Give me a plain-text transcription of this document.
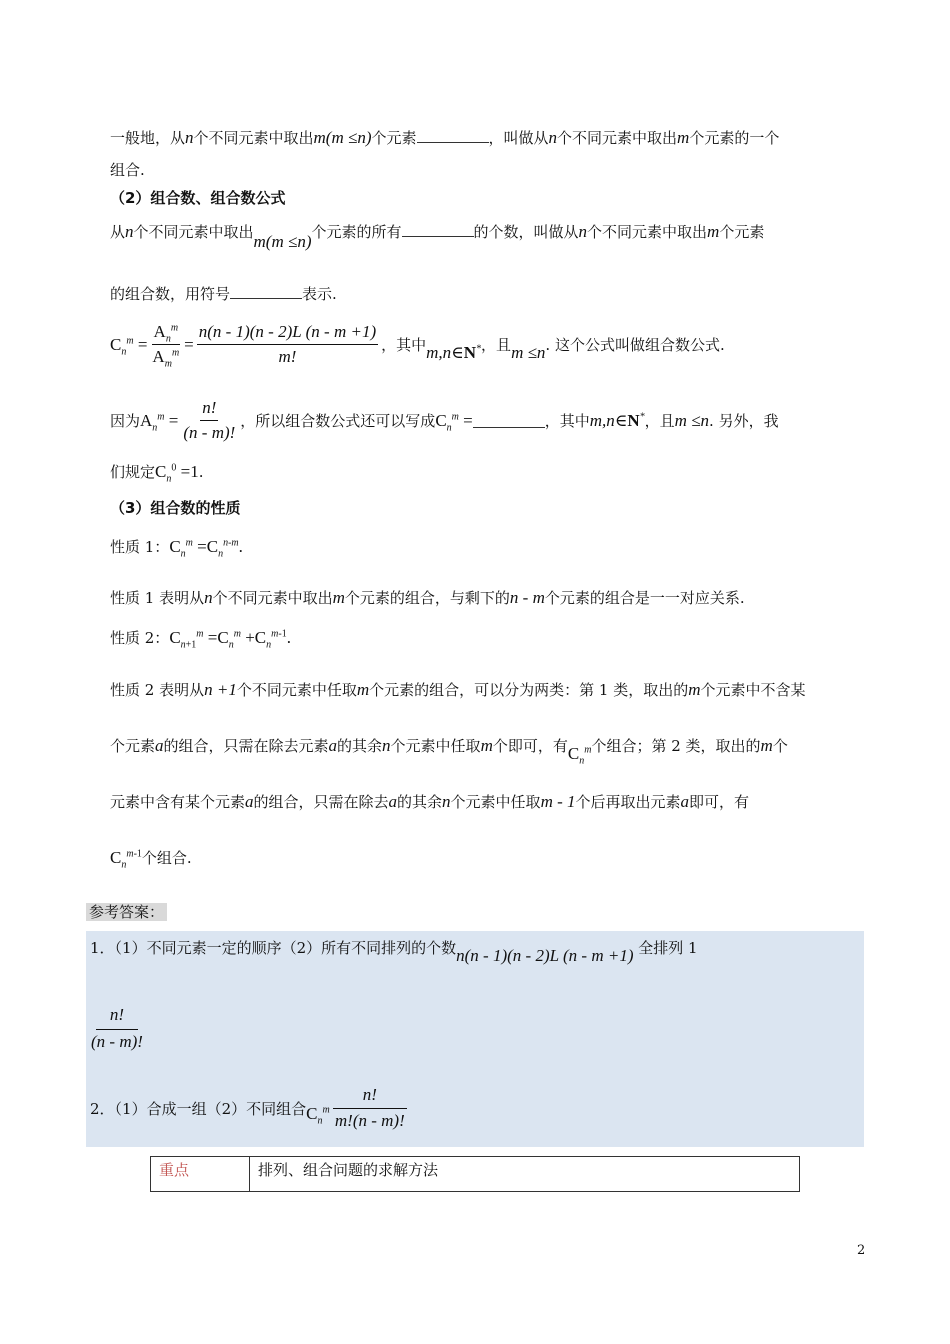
一般地，从n个不同元素中取出m(m ≤n)个元素	，叫做从n个不同元素中取出m个元素的一个
组合.
（2）组合数、组合数公式
从n个不同元素中取出m(m ≤n)个元素的所有	的个数，叫做从n个不同元素中取出m个元素
的组合数，用符号	表示.
$C_n^m = \frac{A_n^m}{A_m^m} = \frac{n(n - 1)(n - 2)L (n - m +1)}{m!}$ ，其中 m,n∈N* ，且 m ≤n . 这个公式叫做组合数公式.
因为 $A_n^m = \frac{n!}{(n - m)!}$ ，所以组合数公式还可以写成 $C_n^m$ =	，其中 m,n∈N* ，且 m ≤n . 另外，我
们规定$C_n^0 =1$.
（3）组合数的性质
性质 1：$C_n^m =C_n^{n-m}$.
性质 1 表明从n个不同元素中取出m个元素的组合，与剩下的n - m个元素的组合是一一对应关系.
性质 2：$C_{n+1}^m =C_n^m +C_n^{m-1}$.
性质 2 表明从n +1个不同元素中任取m个元素的组合，可以分为两类：第 1 类，取出的m个元素中不含某
个元素a的组合，只需在除去元素a的其余n个元素中任取m个即可，有$C_n^m$个组合；第 2 类，取出的m个
元素中含有某个元素a的组合，只需在除去a的其余n个元素中任取m - 1个后再取出元素a即可，有
$C_n^{m-1}$个组合.
参考答案：
1．（1）不同元素一定的顺序（2）所有不同排列的个数n(n - 1)(n - 2)L (n - m +1) 全排列 1
$\frac{n!}{(n - m)!}$
2．（1）合成一组（2）不同组合 $C_n^m \frac{n!}{m!(n - m)!}$
重点	排列、组合问题的求解方法
2
